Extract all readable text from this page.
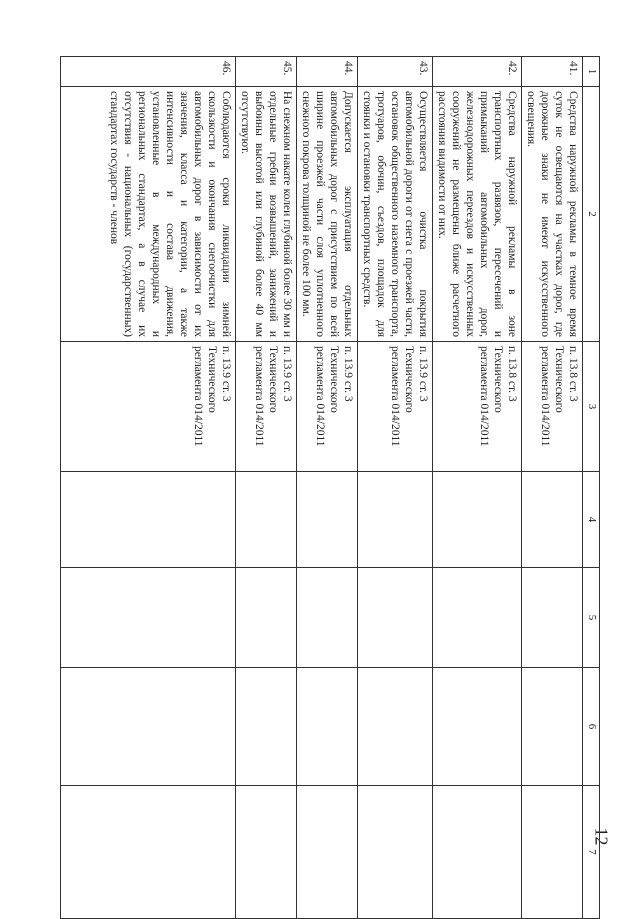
12
1	2	3	4	5	6	7
41.	Средства наружной рекламы в темное время суток не освещаются на участках дорог, где дорожные знаки не имеют искусственного освещения.	п. 13.8 ст. 3 Технического регламента 014/2011				
42.	Средства наружной рекламы в зоне транспортных развязок, пересечений и примыканий автомобильных дорог, железнодорожных переездов и искусственных сооружений не размещены ближе расчетного расстояния видимости от них.	п. 13.8 ст. 3 Технического регламента 014/2011				
43.	Осуществляется очистка покрытия автомобильной дороги от снега с проезжей части, остановок общественного наземного транспорта, тротуаров, обочин, съездов, площадок для стоянки и остановки транспортных средств.	п. 13.9 ст. 3 Технического регламента 014/2011				
44.	Допускается эксплуатация отдельных автомобильных дорог с присутствием по всей ширине проезжей части слоя уплотненного снежного покрова толщиной не более 100 мм.	п. 13.9 ст. 3 Технического регламента 014/2011				
45.	На снежном накате колеи глубиной более 30 мм и отдельные гребни возвышений, занижений и выбоины высотой или глубиной более 40 мм отсутствуют.	п. 13.9 ст. 3 Технического регламента 014/2011				
46.	Соблюдаются сроки ликвидации зимней скользкости и окончания снегоочистки для автомобильных дорог в зависимости от их значения, класса и категории, а также интенсивности и состава движения, установленные в международных и региональных стандартах, а в случае их отсутствия - национальных (государственных) стандартах государств - членов	п. 13.9 ст. 3 Технического регламента 014/2011				
